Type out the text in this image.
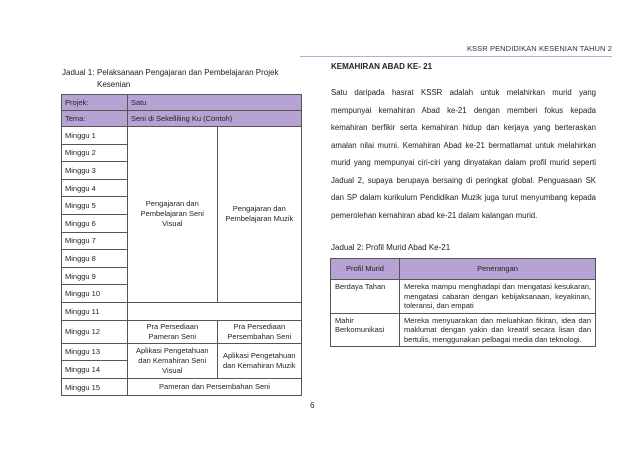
KSSR PENDIDIKAN KESENIAN TAHUN 2
Jadual 1: Pelaksanaan Pengajaran dan Pembelajaran Projek Kesenian
Projek:	Satu	
Tema:	Seni di Sekelliling Ku (Contoh)	
Minggu 1	Pengajaran dan Pembelajaran Seni Visual	Pengajaran dan Pembelajaran Muzik
Minggu 2		
Minggu 3		
Minggu 4		
Minggu 5		
Minggu 6		
Minggu 7		
Minggu 8		
Minggu 9		
Minggu 10		
Minggu 11		
Minggu 12	Pra Persediaan Pameran Seni	Pra Persediaan Persembahan Seni
Minggu 13	Aplikasi Pengetahuan dan Kemahiran Seni Visual	Aplikasi Pengetahuan dan Kemahiran Muzik
Minggu 14		
Minggu 15	Pameran dan Persembahan Seni	
KEMAHIRAN ABAD KE- 21
Satu daripada hasrat KSSR adalah untuk melahirkan murid yang mempunyai kemahiran Abad ke-21 dengan memberi fokus kepada kemahiran berfikir serta kemahiran hidup dan kerjaya yang berteraskan amalan nilai murni. Kemahiran Abad ke-21 bermatlamat untuk melahirkan murid yang mempunyai ciri-ciri yang dinyatakan dalam profil murid seperti Jadual 2, supaya berupaya bersaing di peringkat global. Penguasaan SK dan SP dalam kurikulum Pendidikan Muzik juga turut menyumbang kepada pemerolehan kemahiran abad ke-21 dalam kalangan murid.
Jadual 2: Profil Murid Abad Ke-21
Profil Murid	Penerangan
Berdaya Tahan	Mereka mampu menghadapi dan mengatasi kesukaran, mengatasi cabaran dengan kebijaksanaan, keyakinan, toleransi, dan empati
Mahir Berkomunikasi	Mereka menyuarakan dan meluahkan fikiran, idea dan maklumat dengan yakin dan kreatif secara lisan dan bertulis, menggunakan pelbagai media dan teknologi.
6
